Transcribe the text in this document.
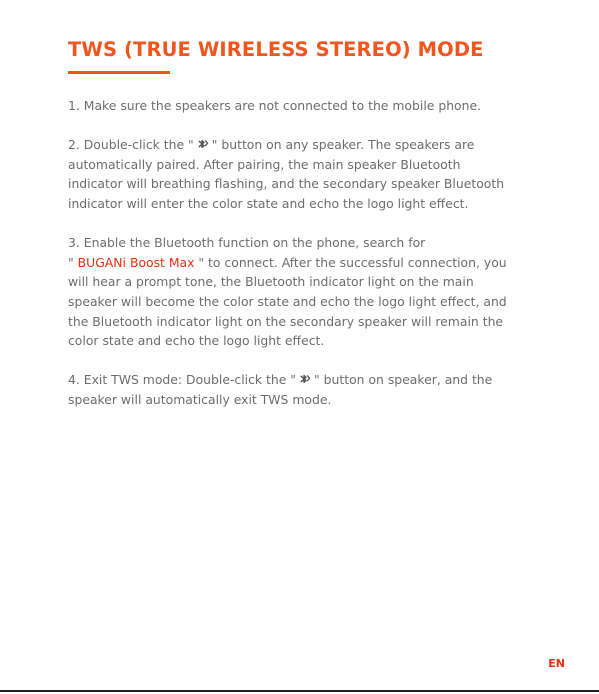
TWS (TRUE WIRELESS STEREO) MODE

1. Make sure the speakers are not connected to the mobile phone.

2. Double-click the " " button on any speaker. The speakers are
automatically paired. After pairing, the main speaker Bluetooth
indicator will breathing flashing, and the secondary speaker Bluetooth
indicator will enter the color state and echo the logo light effect.

3. Enable the Bluetooth function on the phone, search for
" BUGANi Boost Max " to connect. After the successful connection, you
will hear a prompt tone, the Bluetooth indicator light on the main
speaker will become the color state and echo the logo light effect, and
the Bluetooth indicator light on the secondary speaker will remain the
color state and echo the logo light effect.

4. Exit TWS mode: Double-click the " " button on speaker, and the
speaker will automatically exit TWS mode.

EN
